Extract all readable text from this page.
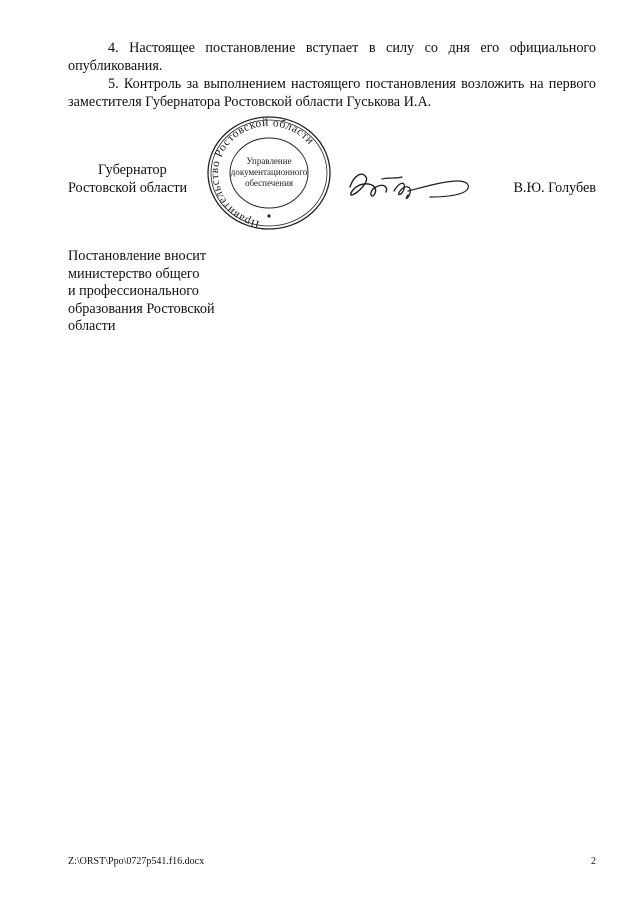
4. Настоящее постановление вступает в силу со дня его официального опубликования.
5. Контроль за выполнением настоящего постановления возложить на первого заместителя Губернатора Ростовской области Гуськова И.А.
Губернатор
Ростовской области
Правительство Ростовской области
Управление
документационного
обеспечения	В.Ю. Голубев
Постановление вносит
министерство общего
и профессионального
образования Ростовской
области
Z:\ORST\Ppo\0727p541.f16.docx	2
